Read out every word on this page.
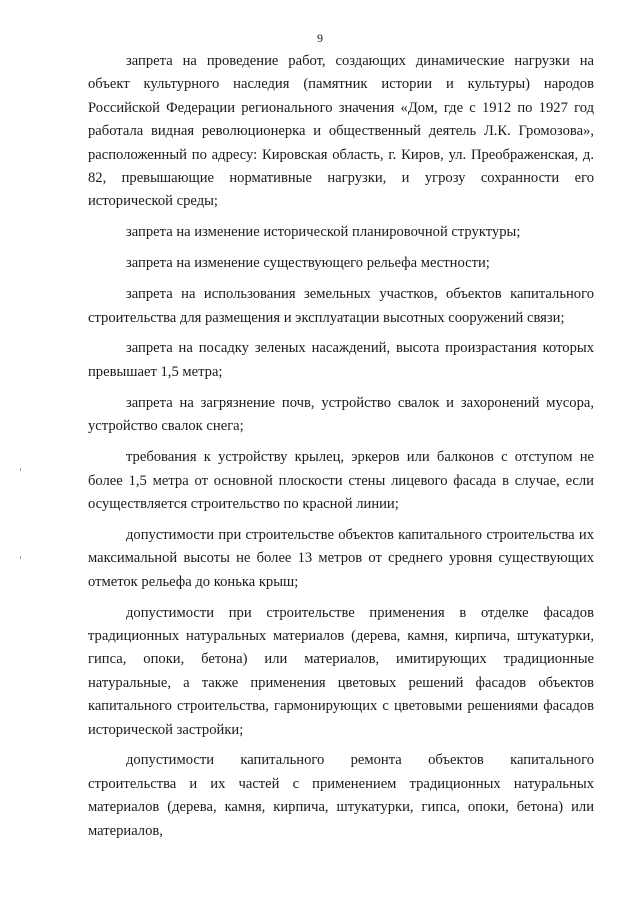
9

запрета на проведение работ, создающих динамические нагрузки на объект культурного наследия (памятник истории и культуры) народов Российской Федерации регионального значения «Дом, где с 1912 по 1927 год работала видная революционерка и общественный деятель Л.К. Громозова», расположенный по адресу: Кировская область, г. Киров, ул. Преображенская, д. 82, превышающие нормативные нагрузки, и угрозу сохранности его исторической среды;

запрета на изменение исторической планировочной структуры;

запрета на изменение существующего рельефа местности;

запрета на использования земельных участков, объектов капитального строительства для размещения и эксплуатации высотных сооружений связи;

запрета на посадку зеленых насаждений, высота произрастания которых превышает 1,5 метра;

запрета на загрязнение почв, устройство свалок и захоронений мусора, устройство свалок снега;

требования к устройству крылец, эркеров или балконов с отступом не более 1,5 метра от основной плоскости стены лицевого фасада в случае, если осуществляется строительство по красной линии;

допустимости при строительстве объектов капитального строительства их максимальной высоты не более 13 метров от среднего уровня существующих отметок рельефа до конька крыш;

допустимости при строительстве применения в отделке фасадов традиционных натуральных материалов (дерева, камня, кирпича, штукатурки, гипса, опоки, бетона) или материалов, имитирующих традиционные натуральные, а также применения цветовых решений фасадов объектов капитального строительства, гармонирующих с цветовыми решениями фасадов исторической застройки;

допустимости капитального ремонта объектов капитального строительства и их частей с применением традиционных натуральных материалов (дерева, камня, кирпича, штукатурки, гипса, опоки, бетона) или материалов,
